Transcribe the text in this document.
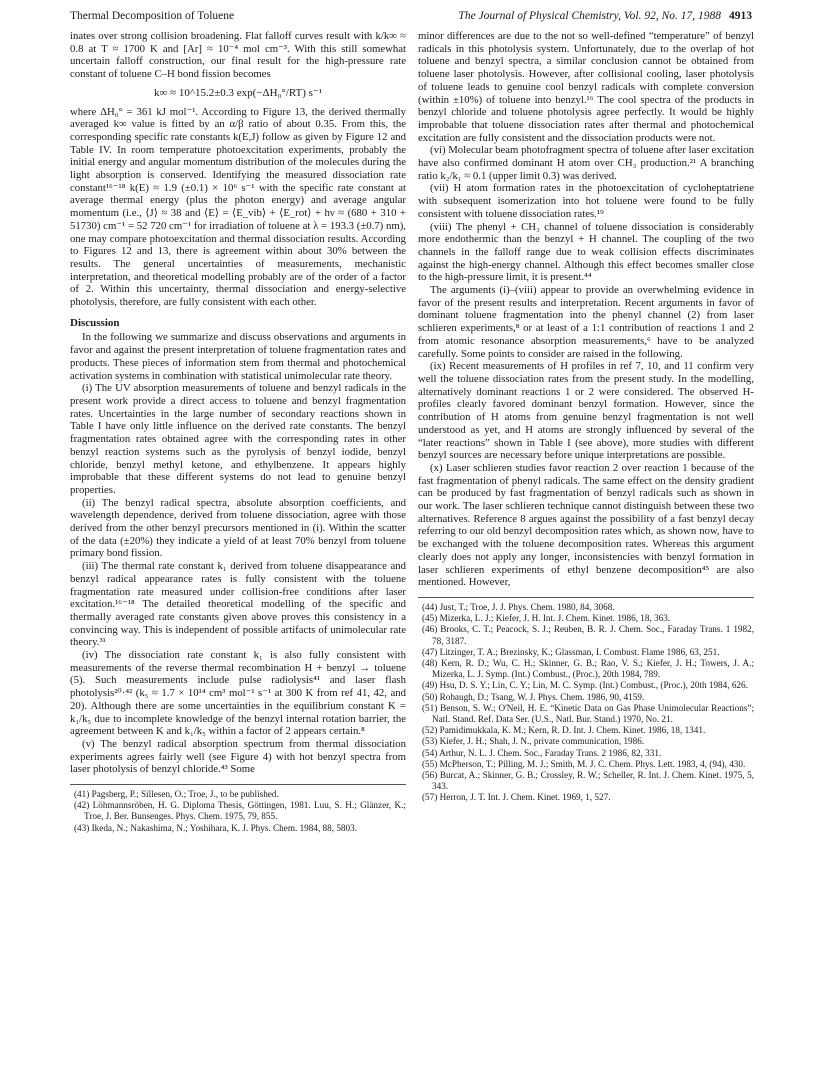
Thermal Decomposition of Toluene	The Journal of Physical Chemistry, Vol. 92, No. 17, 1988 4913

inates over strong collision broadening. Flat falloff curves result with k/k∞ ≈ 0.8 at T ≈ 1700 K and [Ar] ≈ 10⁻⁴ mol cm⁻³. With this still somewhat uncertain falloff construction, our final result for the high-pressure rate constant of toluene C–H bond fission becomes

k∞ ≈ 10^15.2±0.3 exp(−ΔH₀°/RT) s⁻¹

where ΔH₀° = 361 kJ mol⁻¹. According to Figure 13, the derived thermally averaged k∞ value is fitted by an α/β ratio of about 0.35. From this, the corresponding specific rate constants k(E,J) follow as given by Figure 12 and Table IV. In room temperature photoexcitation experiments, probably the initial energy and angular momentum distribution of the molecules during the light absorption is conserved. Identifying the measured dissociation rate constant¹⁶⁻¹⁸ k(E) ≈ 1.9 (±0.1) × 10⁶ s⁻¹ with the specific rate constant at average thermal energy (plus the photon energy) and average angular momentum (i.e., ⟨J⟩ ≈ 38 and ⟨E⟩ = ⟨E_vib⟩ + ⟨E_rot⟩ + hν ≈ (680 + 310 + 51730) cm⁻¹ = 52 720 cm⁻¹ for irradiation of toluene at λ = 193.3 (±0.7) nm), one may compare photoexcitation and thermal dissociation results. According to Figures 12 and 13, there is agreement within about 30% between the results. The general uncertainties of measurements, mechanistic interpretation, and theoretical modelling probably are of the order of a factor of 2. Within this uncertainty, thermal dissociation and energy-selective photolysis, therefore, are fully consistent with each other.

Discussion

In the following we summarize and discuss observations and arguments in favor and against the present interpretation of toluene fragmentation rates and products. These pieces of information stem from thermal and photochemical activation systems in combination with statistical unimolecular rate theory.

(i) The UV absorption measurements of toluene and benzyl radicals in the present work provide a direct access to toluene and benzyl fragmentation rates. Uncertainties in the large number of secondary reactions shown in Table I have only little influence on the derived rate constants. The benzyl fragmentation rates obtained agree with the corresponding rates in other benzyl reaction systems such as the pyrolysis of benzyl iodide, benzyl chloride, benzyl methyl ketone, and ethylbenzene. It appears highly improbable that these different systems do not lead to genuine benzyl properties.

(ii) The benzyl radical spectra, absolute absorption coefficients, and wavelength dependence, derived from toluene dissociation, agree with those derived from the other benzyl precursors mentioned in (i). Within the scatter of the data (±20%) they indicate a yield of at least 70% benzyl from toluene primary bond fission.

(iii) The thermal rate constant k₁ derived from toluene disappearance and benzyl radical appearance rates is fully consistent with the toluene fragmentation rate measured under collision-free conditions after laser excitation.¹⁶⁻¹⁸ The detailed theoretical modelling of the specific and thermally averaged rate constants given above proves this consistency in a convincing way. This is independent of possible artifacts of unimolecular rate theory.³¹

(iv) The dissociation rate constant k₁ is also fully consistent with measurements of the reverse thermal recombination H + benzyl → toluene (5). Such measurements include pulse radiolysis⁴¹ and laser flash photolysis²⁰·⁴² (k₅ ≈ 1.7 × 10¹⁴ cm³ mol⁻¹ s⁻¹ at 300 K from ref 41, 42, and 20). Although there are some uncertainties in the equilibrium constant K = k₁/k₅ due to incomplete knowledge of the benzyl internal rotation barrier, the agreement between K and k₁/k₅ within a factor of 2 appears certain.⁸

(v) The benzyl radical absorption spectrum from thermal dissociation experiments agrees fairly well (see Figure 4) with hot benzyl spectra from laser photolysis of benzyl chloride.⁴³ Some

(41) Pagsberg, P.; Sillesen, O.; Troe, J., to be published.
(42) Löhmannsröben, H. G. Diploma Thesis, Göttingen, 1981. Luu, S. H.; Glänzer, K.; Troe, J. Ber. Bunsenges. Phys. Chem. 1975, 79, 855.
(43) Ikeda, N.; Nakashima, N.; Yoshihara, K. J. Phys. Chem. 1984, 88, 5803.

minor differences are due to the not so well-defined “temperature” of benzyl radicals in this photolysis system. Unfortunately, due to the overlap of hot toluene and benzyl spectra, a similar conclusion cannot be obtained from toluene laser photolysis. However, after collisional cooling, laser photolysis of toluene leads to genuine cool benzyl radicals with complete conversion (within ±10%) of toluene into benzyl.¹⁶ The cool spectra of the products in benzyl chloride and toluene photolysis agree perfectly. It would be highly improbable that toluene dissociation rates after thermal and photochemical excitation are fully consistent and the dissociation products were not.

(vi) Molecular beam photofragment spectra of toluene after laser excitation have also confirmed dominant H atom over CH₃ production.²¹ A branching ratio k₂/k₁ ≈ 0.1 (upper limit 0.3) was derived.

(vii) H atom formation rates in the photoexcitation of cycloheptatriene with subsequent isomerization into hot toluene were found to be fully consistent with toluene dissociation rates.¹⁹

(viii) The phenyl + CH₃ channel of toluene dissociation is considerably more endothermic than the benzyl + H channel. The coupling of the two channels in the falloff range due to weak collision effects discriminates against the high-energy channel. Although this effect becomes smaller close to the high-pressure limit, it is present.⁴⁴

The arguments (i)–(viii) appear to provide an overwhelming evidence in favor of the present results and interpretation. Recent arguments in favor of dominant toluene fragmentation into the phenyl channel (2) from laser schlieren experiments,⁸ or at least of a 1:1 contribution of reactions 1 and 2 from atomic resonance absorption measurements,⁶ have to be analyzed carefully. Some points to consider are raised in the following.

(ix) Recent measurements of H profiles in ref 7, 10, and 11 confirm very well the toluene dissociation rates from the present study. In the modelling, alternatively dominant reactions 1 or 2 were considered. The observed H-profiles clearly favored dominant benzyl formation. However, since the contribution of H atoms from genuine benzyl fragmentation is not well understood as yet, and H atoms are strongly influenced by several of the “later reactions” shown in Table I (see above), more studies with different benzyl sources are necessary before unique interpretations are possible.

(x) Laser schlieren studies favor reaction 2 over reaction 1 because of the fast fragmentation of phenyl radicals. The same effect on the density gradient can be produced by fast fragmentation of benzyl radicals such as shown in our work. The laser schlieren technique cannot distinguish between these two alternatives. Reference 8 argues against the possibility of a fast benzyl decay referring to our old benzyl decomposition rates which, as shown now, have to be exchanged with the toluene decomposition rates. Whereas this argument clearly does not apply any longer, inconsistencies with benzyl formation in laser schlieren experiments of ethyl benzene decomposition⁴⁵ are also mentioned. However,

(44) Just, T.; Troe, J. J. Phys. Chem. 1980, 84, 3068.
(45) Mizerka, L. J.; Kiefer, J. H. Int. J. Chem. Kinet. 1986, 18, 363.
(46) Brooks, C. T.; Peacock, S. J.; Reuben, B. R. J. Chem. Soc., Faraday Trans. 1 1982, 78, 3187.
(47) Litzinger, T. A.; Brezinsky, K.; Glassman, I. Combust. Flame 1986, 63, 251.
(48) Kern, R. D.; Wu, C. H.; Skinner, G. B.; Rao, V. S.; Kiefer, J. H.; Towers, J. A.; Mizerka, L. J. Symp. (Int.) Combust., (Proc.), 20th 1984, 789.
(49) Hsu, D. S. Y.; Lin, C. Y.; Lin, M. C. Symp. (Int.) Combust., (Proc.), 20th 1984, 626.
(50) Robaugh, D.; Tsang, W. J. Phys. Chem. 1986, 90, 4159.
(51) Benson, S. W.; O'Neil, H. E. “Kinetic Data on Gas Phase Unimolecular Reactions”; Natl. Stand. Ref. Data Ser. (U.S., Natl. Bur. Stand.) 1970, No. 21.
(52) Pamidimukkala, K. M.; Kern, R. D. Int. J. Chem. Kinet. 1986, 18, 1341.
(53) Kiefer, J. H.; Shah, J. N., private communication, 1986.
(54) Arthur, N. L. J. Chem. Soc., Faraday Trans. 2 1986, 82, 331.
(55) McPherson, T.; Pilling, M. J.; Smith, M. J. C. Chem. Phys. Lett. 1983, 4, (94), 430.
(56) Burcat, A.; Skinner, G. B.; Crossley, R. W.; Scheller, R. Int. J. Chem. Kinet. 1975, 5, 343.
(57) Herron, J. T. Int. J. Chem. Kinet. 1969, 1, 527.
